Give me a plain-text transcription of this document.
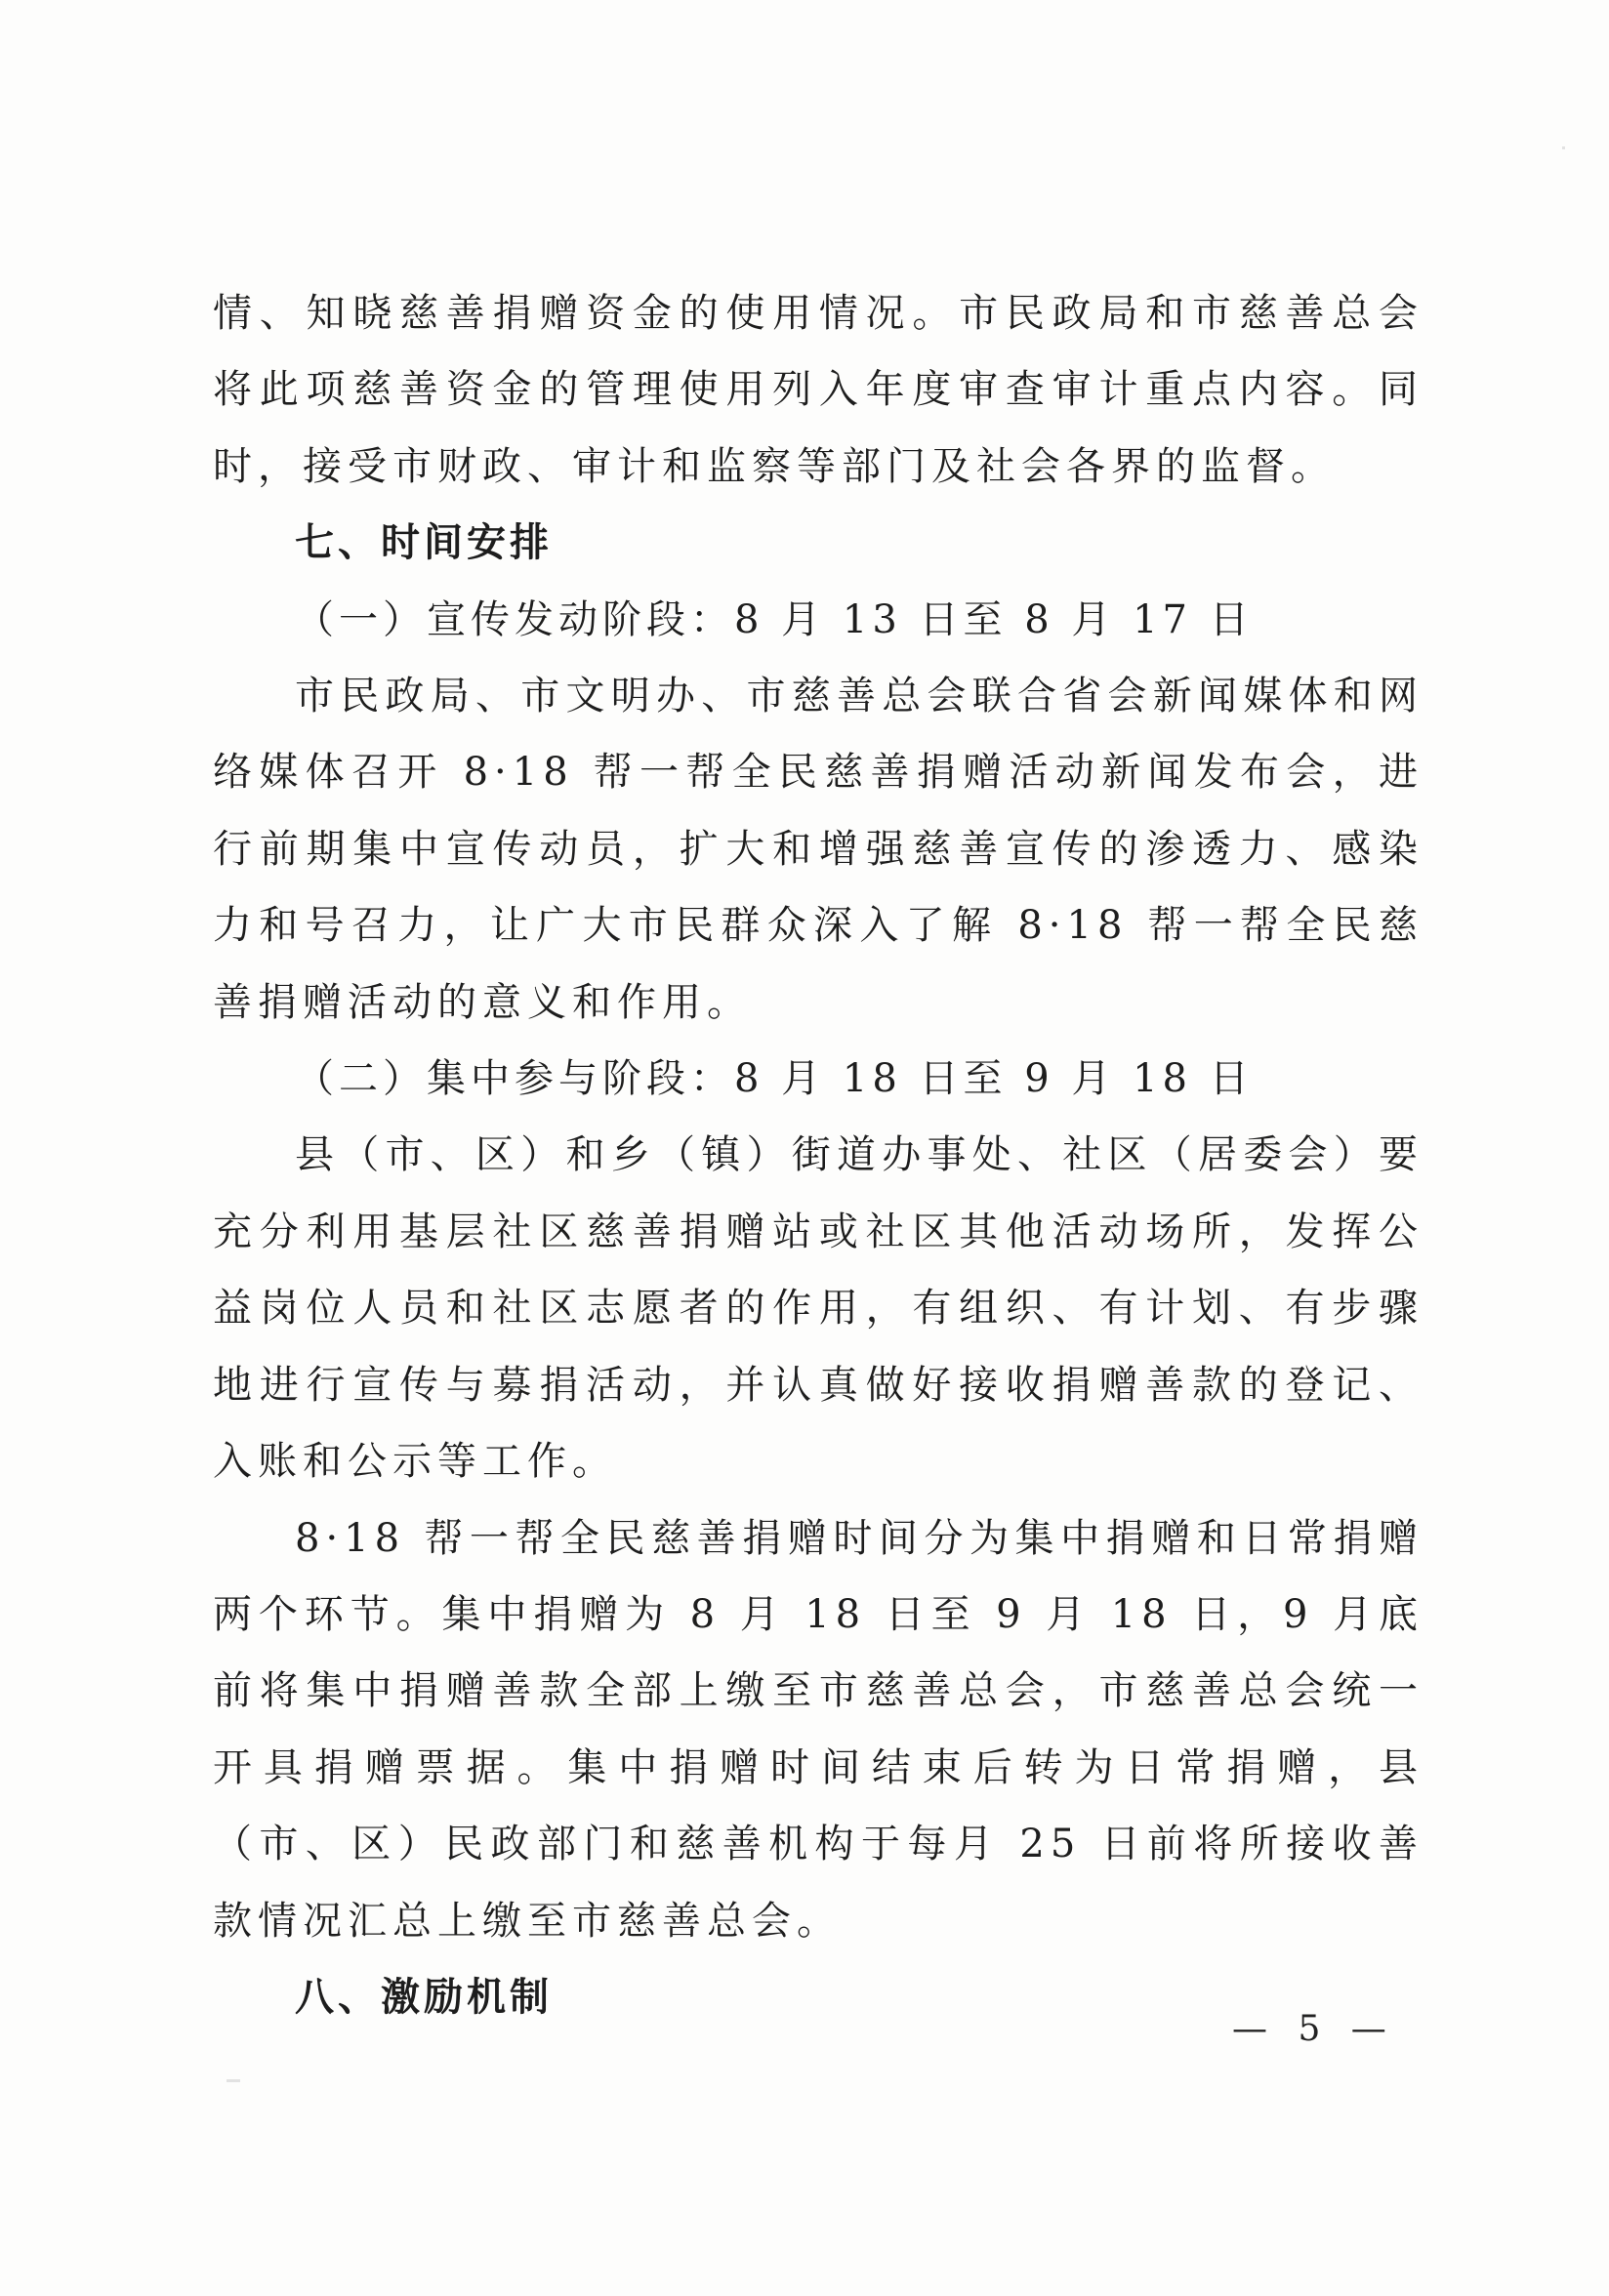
情、知晓慈善捐赠资金的使用情况。市民政局和市慈善总会将此项慈善资金的管理使用列入年度审查审计重点内容。同时，接受市财政、审计和监察等部门及社会各界的监督。

七、时间安排

（一）宣传发动阶段：8 月 13 日至 8 月 17 日

市民政局、市文明办、市慈善总会联合省会新闻媒体和网络媒体召开 8·18 帮一帮全民慈善捐赠活动新闻发布会，进行前期集中宣传动员，扩大和增强慈善宣传的渗透力、感染力和号召力，让广大市民群众深入了解 8·18 帮一帮全民慈善捐赠活动的意义和作用。

（二）集中参与阶段：8 月 18 日至 9 月 18 日

县（市、区）和乡（镇）街道办事处、社区（居委会）要充分利用基层社区慈善捐赠站或社区其他活动场所，发挥公益岗位人员和社区志愿者的作用，有组织、有计划、有步骤地进行宣传与募捐活动，并认真做好接收捐赠善款的登记、入账和公示等工作。

8·18 帮一帮全民慈善捐赠时间分为集中捐赠和日常捐赠两个环节。集中捐赠为 8 月 18 日至 9 月 18 日，9 月底前将集中捐赠善款全部上缴至市慈善总会，市慈善总会统一开具捐赠票据。集中捐赠时间结束后转为日常捐赠，县（市、区）民政部门和慈善机构于每月 25 日前将所接收善款情况汇总上缴至市慈善总会。

八、激励机制

— 5 —
